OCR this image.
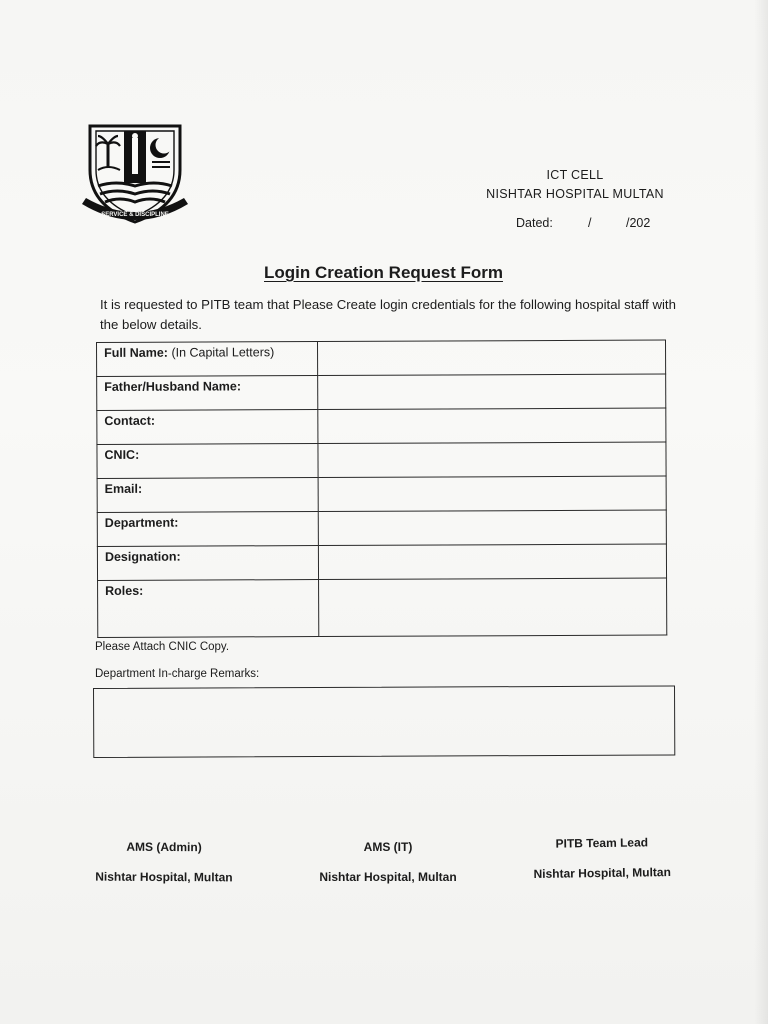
SERVICE & DISCIPLINE
ICT CELL
NISHTAR HOSPITAL MULTAN
Dated:	/	/202
Login Creation Request Form
It is requested to PITB team that Please Create login credentials for the following hospital staff with the below details.
Full Name: (In Capital Letters)	
Father/Husband Name:	
Contact:	
CNIC:	
Email:	
Department:	
Designation:	
Roles:	
Please Attach CNIC Copy.
Department In-charge Remarks:
AMS (Admin)
Nishtar Hospital, Multan
AMS (IT)
Nishtar Hospital, Multan
PITB Team Lead
Nishtar Hospital, Multan
